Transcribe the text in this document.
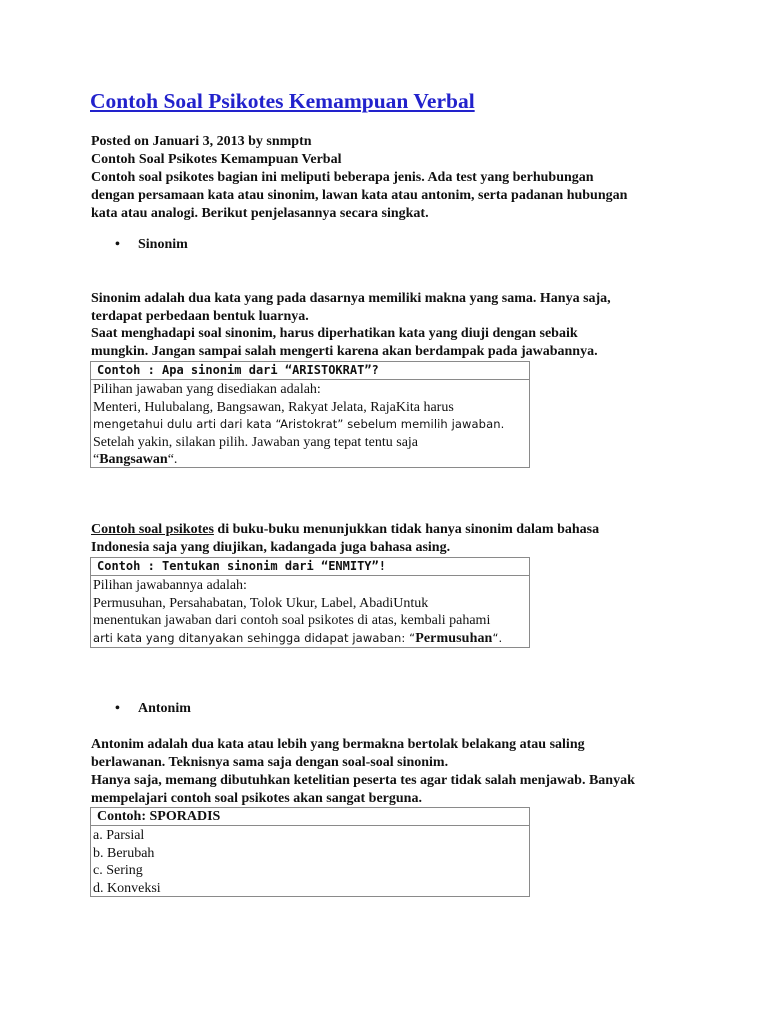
Contoh Soal Psikotes Kemampuan Verbal
Posted on Januari 3, 2013 by snmptn
Contoh Soal Psikotes Kemampuan Verbal
Contoh soal psikotes bagian ini meliputi beberapa jenis. Ada test yang berhubungan
dengan persamaan kata atau sinonim, lawan kata atau antonim, serta padanan hubungan
kata atau analogi. Berikut penjelasannya secara singkat.
• Sinonim
Sinonim adalah dua kata yang pada dasarnya memiliki makna yang sama. Hanya saja,
terdapat perbedaan bentuk luarnya.
Saat menghadapi soal sinonim, harus diperhatikan kata yang diuji dengan sebaik
mungkin. Jangan sampai salah mengerti karena akan berdampak pada jawabannya.
Contoh : Apa sinonim dari “ARISTOKRAT”?
Pilihan jawaban yang disediakan adalah:
Menteri, Hulubalang, Bangsawan, Rakyat Jelata, RajaKita harus
mengetahui dulu arti dari kata “Aristokrat” sebelum memilih jawaban.
Setelah yakin, silakan pilih. Jawaban yang tepat tentu saja
“Bangsawan“.
Contoh soal psikotes di buku-buku menunjukkan tidak hanya sinonim dalam bahasa
Indonesia saja yang diujikan, kadangada juga bahasa asing.
Contoh : Tentukan sinonim dari “ENMITY”!
Pilihan jawabannya adalah:
Permusuhan, Persahabatan, Tolok Ukur, Label, AbadiUntuk
menentukan jawaban dari contoh soal psikotes di atas, kembali pahami
arti kata yang ditanyakan sehingga didapat jawaban: “Permusuhan“.
• Antonim
Antonim adalah dua kata atau lebih yang bermakna bertolak belakang atau saling
berlawanan. Teknisnya sama saja dengan soal-soal sinonim.
Hanya saja, memang dibutuhkan ketelitian peserta tes agar tidak salah menjawab. Banyak
mempelajari contoh soal psikotes akan sangat berguna.
Contoh: SPORADIS
a. Parsial
b. Berubah
c. Sering
d. Konveksi
